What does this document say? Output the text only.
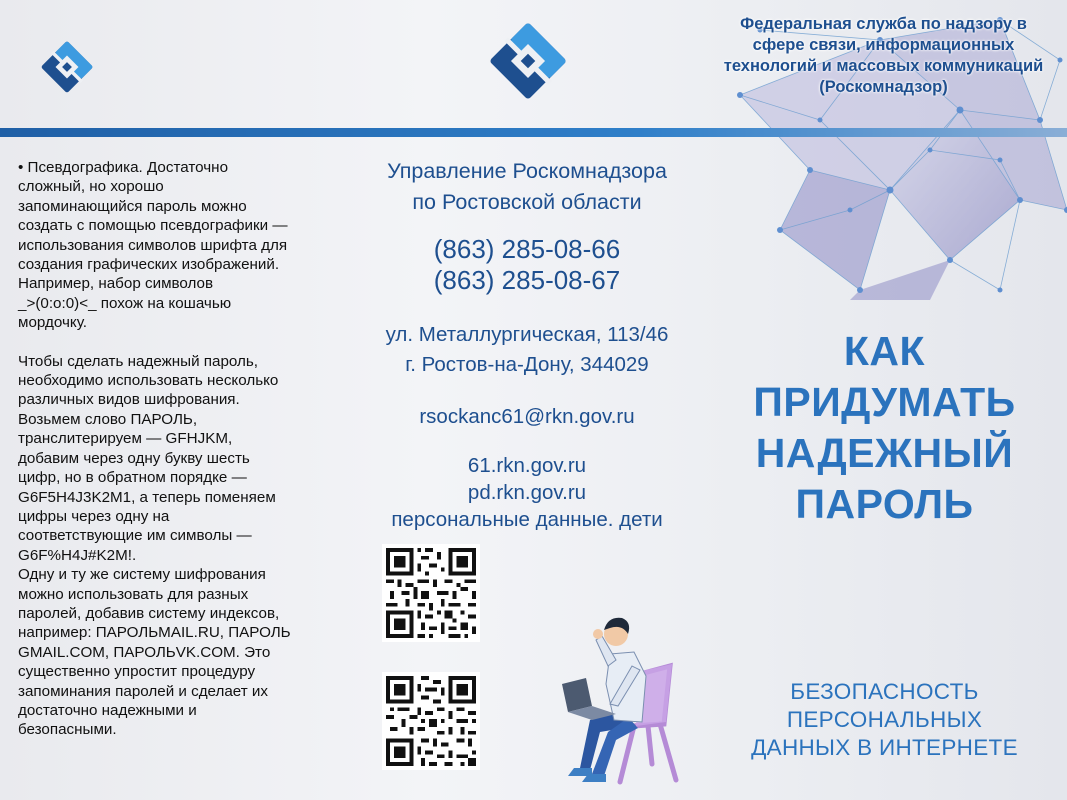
Федеральная служба по надзору в
сфере связи, информационных
технологий и массовых коммуникаций
(Роскомнадзор)

• Псевдографика. Достаточно

сложный, но хорошо

запоминающийся пароль можно

создать с помощью псевдографики —

использования символов шрифта для

создания графических изображений.

Например, набор символов

_>(0:o:0)<_ похож на кошачью

мордочку.

Чтобы сделать надежный пароль,

необходимо использовать несколько

различных видов шифрования.

Возьмем слово ПАРОЛЬ,

транслитерируем — GFHJKM,

добавим через одну букву шесть

цифр, но в обратном порядке —

G6F5H4J3K2M1, а теперь поменяем

цифры через одну на

соответствующие им символы —

G6F%H4J#K2M!.

Одну и ту же систему шифрования

можно использовать для разных

паролей, добавив систему индексов,

например: ПАРОЛЬMAIL.RU, ПАРОЛЬ

GMAIL.COM, ПАРОЛЬVK.COM. Это

существенно упростит процедуру

запоминания паролей и сделает их

достаточно надежными и

безопасными.

Управление Роскомнадзора
по Ростовской области
(863) 285-08-66
(863) 285-08-67
ул. Металлургическая, 113/46
г. Ростов-на-Дону, 344029
rsockanc61@rkn.gov.ru
61.rkn.gov.ru
pd.rkn.gov.ru
персональные данные. дети
КАК
ПРИДУМАТЬ
НАДЕЖНЫЙ
ПАРОЛЬ
БЕЗОПАСНОСТЬ
ПЕРСОНАЛЬНЫХ
ДАННЫХ В ИНТЕРНЕТЕ
